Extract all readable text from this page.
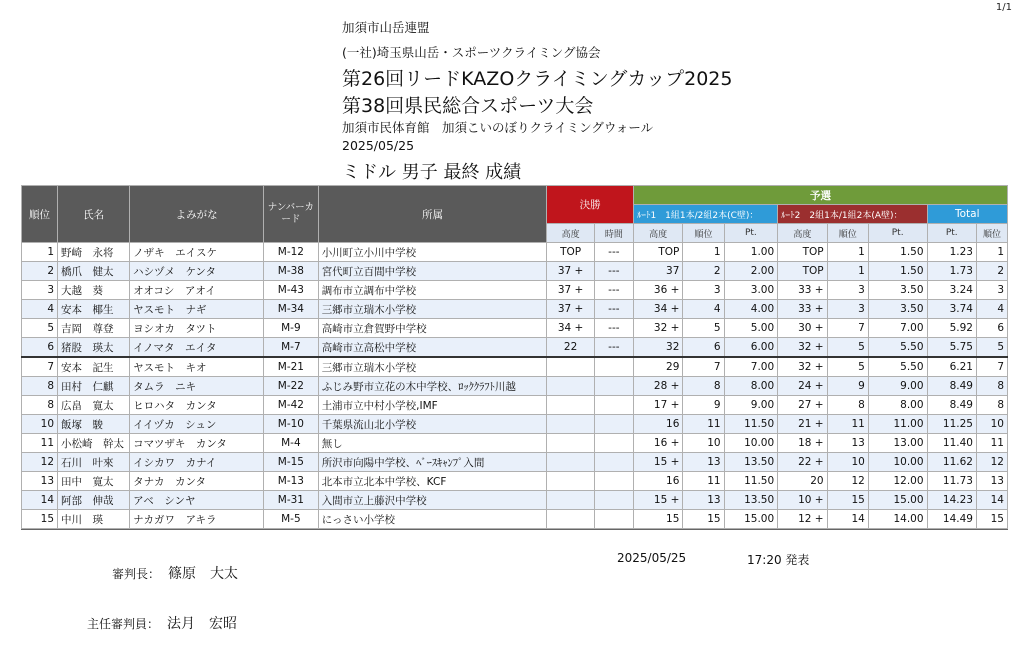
1/1
加須市山岳連盟
(一社)埼玉県山岳・スポーツクライミング協会
第26回リードKAZOクライミングカップ2025
第38回県民総合スポーツ大会
加須市民体育館　加須こいのぼりクライミングウォール
2025/05/25
ミドル 男子 最終 成績
順位	氏名	よみがな	ナンバーカード	所属	決勝		予選							
							ﾙｰﾄ1　1組1本/2組2本(C壁)：			ﾙｰﾄ2　2組1本/1組2本(A壁)：			Total	
					高度	時間	高度	順位	Pt.	高度	順位	Pt.	Pt.	順位
1	野崎　永将	ノザキ　エイスケ	M-12	小川町立小川中学校	TOP	---	TOP	1	1.00	TOP	1	1.50	1.23	1
2	橋爪　健太	ハシヅメ　ケンタ	M-38	宮代町立百間中学校	37 +	---	37	2	2.00	TOP	1	1.50	1.73	2
3	大越　葵	オオコシ　アオイ	M-43	調布市立調布中学校	37 +	---	36 +	3	3.00	33 +	3	3.50	3.24	3
4	安本　椰生	ヤスモト　ナギ	M-34	三郷市立瑞木小学校	37 +	---	34 +	4	4.00	33 +	3	3.50	3.74	4
5	吉岡　尊登	ヨシオカ　タツト	M-9	高崎市立倉賀野中学校	34 +	---	32 +	5	5.00	30 +	7	7.00	5.92	6
6	猪股　瑛太	イノマタ　エイタ	M-7	高崎市立高松中学校	22	---	32	6	6.00	32 +	5	5.50	5.75	5
7	安本　記生	ヤスモト　キオ	M-21	三郷市立瑞木小学校			29	7	7.00	32 +	5	5.50	6.21	7
8	田村　仁麒	タムラ　ニキ	M-22	ふじみ野市立花の木中学校、ﾛｯｸｸﾗﾌﾄ川越			28 +	8	8.00	24 +	9	9.00	8.49	8
8	広畠　寛太	ヒロハタ　カンタ	M-42	土浦市立中村小学校,IMF			17 +	9	9.00	27 +	8	8.00	8.49	8
10	飯塚　駿	イイヅカ　シュン	M-10	千葉県流山北小学校			16	11	11.50	21 +	11	11.00	11.25	10
11	小松崎　幹太	コマツザキ　カンタ	M-4	無し			16 +	10	10.00	18 +	13	13.00	11.40	11
12	石川　叶來	イシカワ　カナイ	M-15	所沢市向陽中学校、ﾍﾞｰｽｷｬﾝﾌﾟ入間			15 +	13	13.50	22 +	10	10.00	11.62	12
13	田中　寛太	タナカ　カンタ	M-13	北本市立北本中学校、KCF			16	11	11.50	20	12	12.00	11.73	13
14	阿部　伸哉	アベ　シンヤ	M-31	入間市立上藤沢中学校			15 +	13	13.50	10 +	15	15.00	14.23	14
15	中川　瑛	ナカガワ　アキラ	M-5	にっさい小学校			15	15	15.00	12 +	14	14.00	14.49	15
2025/05/25	17:20 発表
審判長： 篠原　大太
主任審判員： 法月　宏昭
